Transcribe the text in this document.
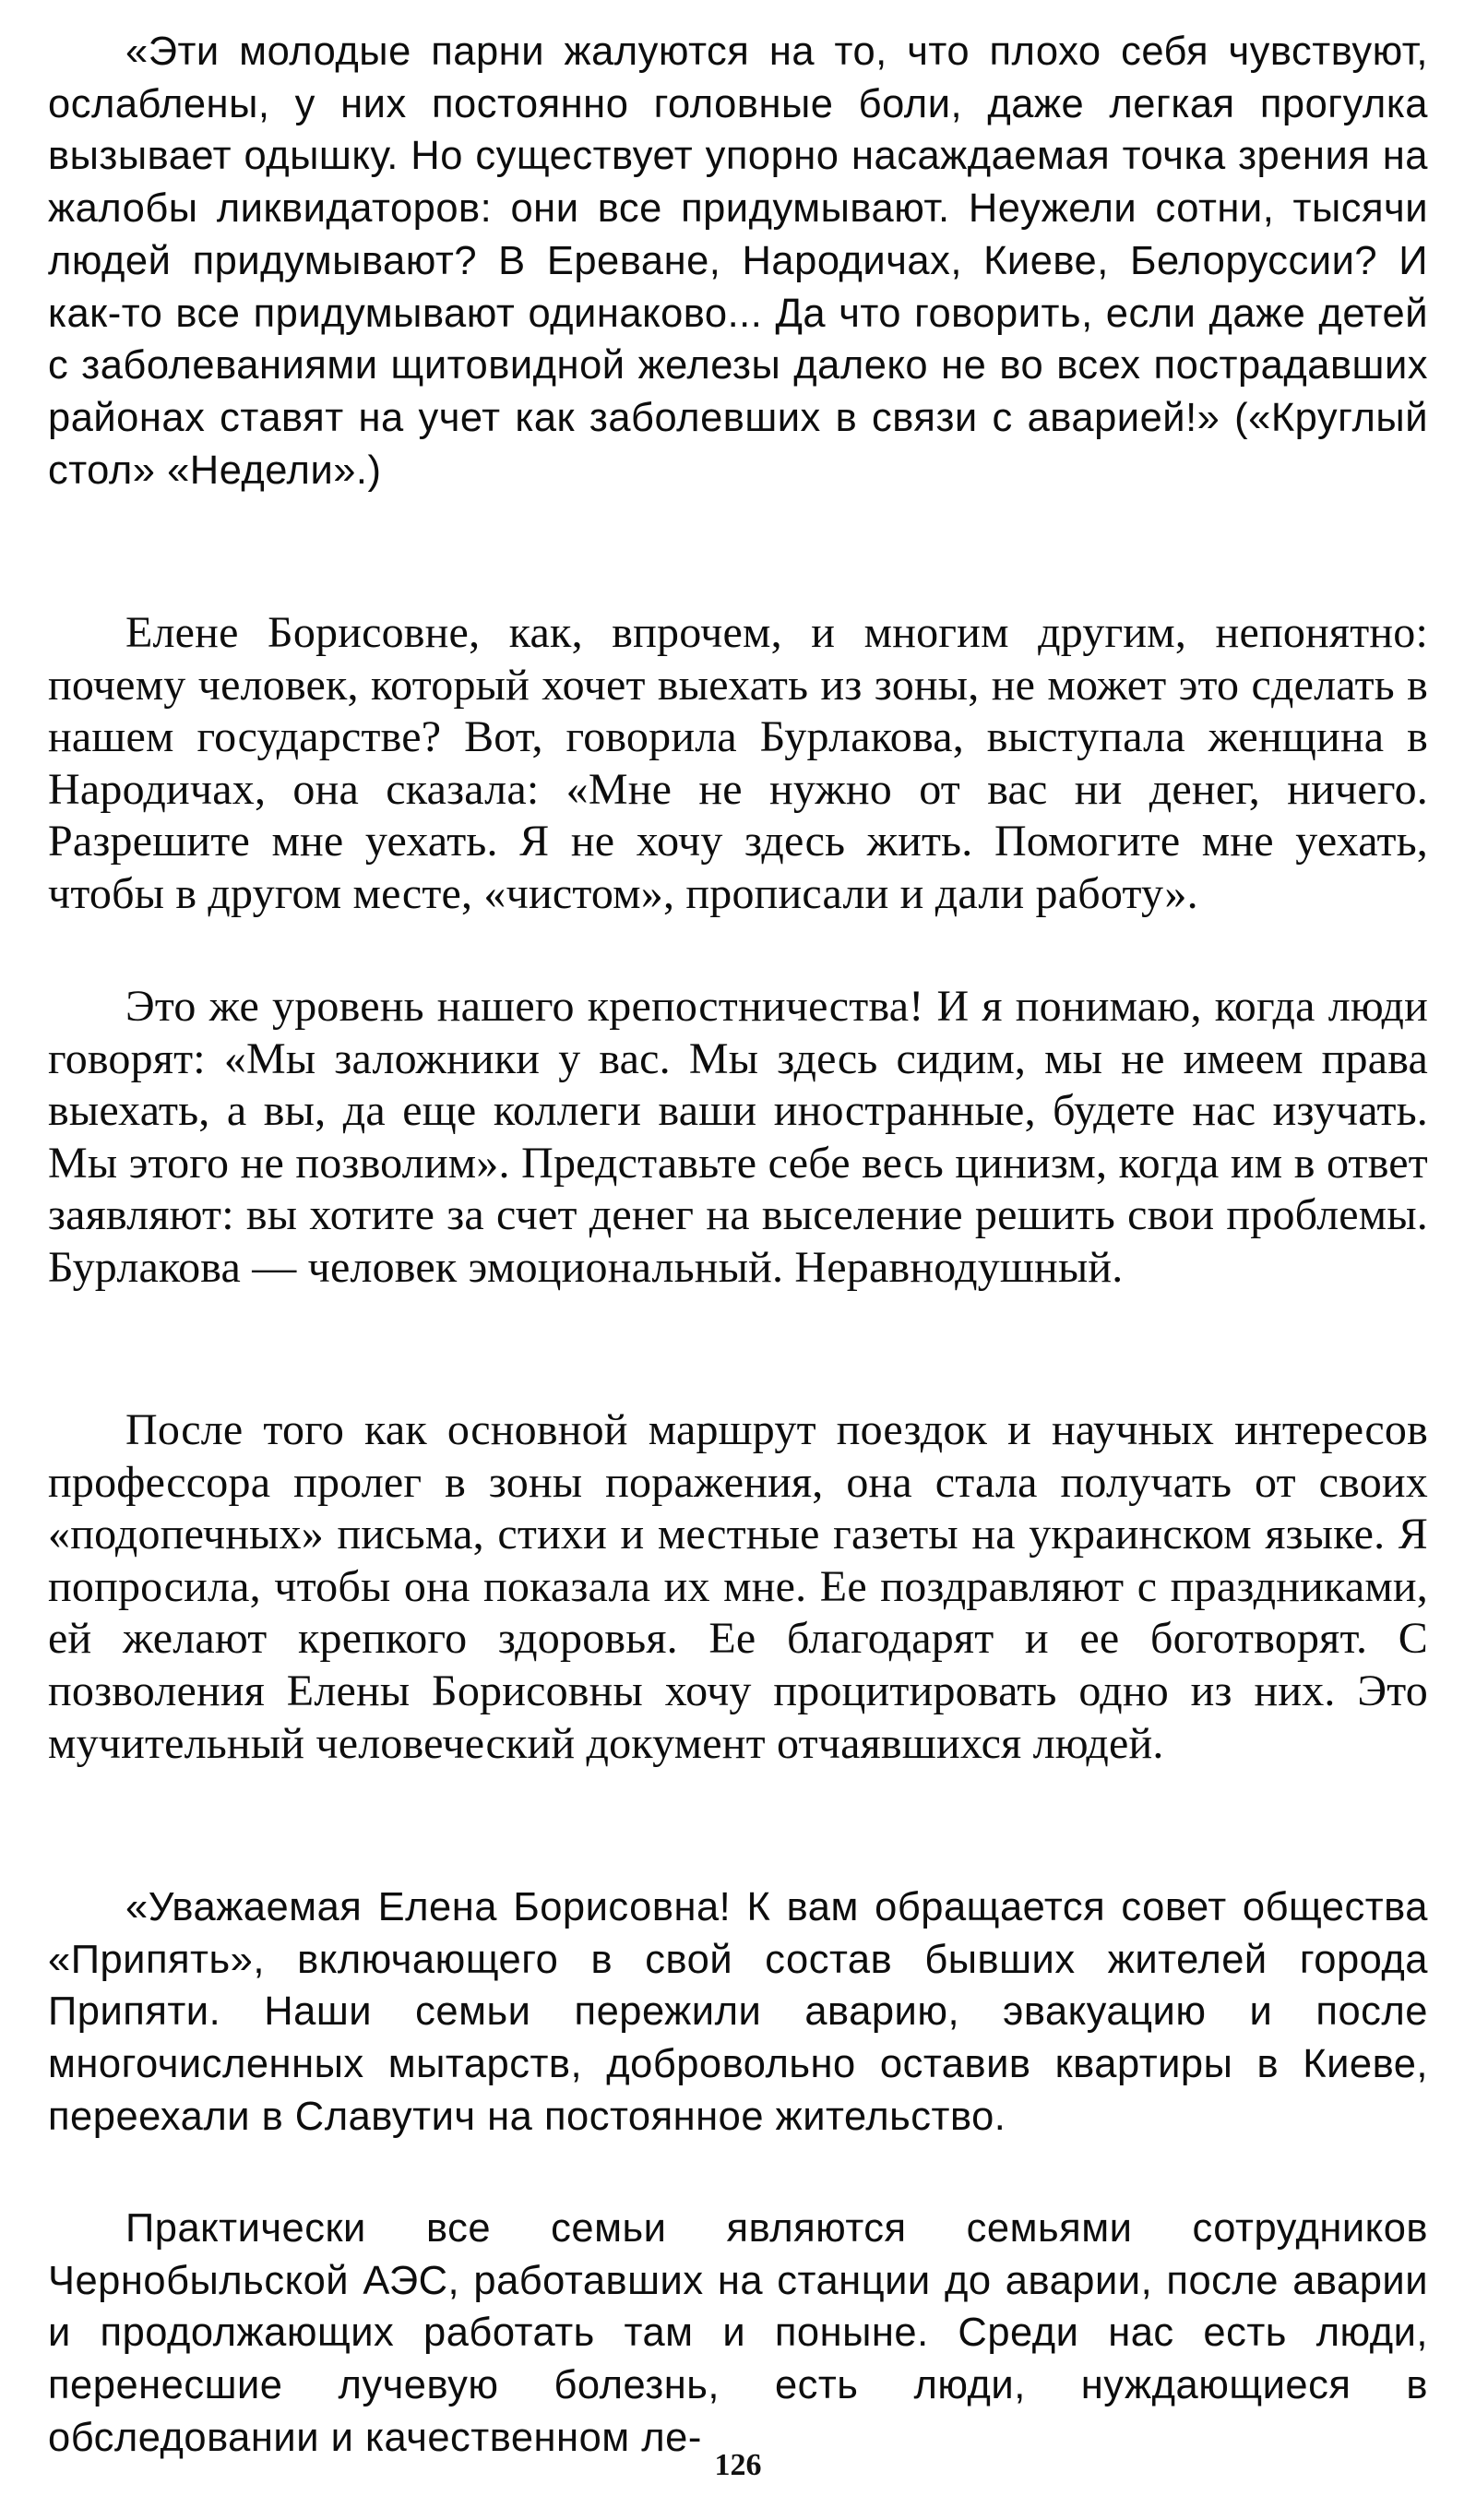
«Эти молодые парни жалуются на то, что плохо себя чувствуют, ослаблены, у них постоянно головные боли, даже легкая прогулка вызывает одышку. Но существует упорно насаждаемая точка зрения на жалобы ликвидаторов: они все придумывают. Неужели сотни, тысячи людей придумывают? В Ереване, Народичах, Киеве, Белоруссии? И как-то все придумывают одинаково... Да что говорить, если даже детей с заболеваниями щитовидной железы далеко не во всех пострадавших районах ставят на учет как заболевших в связи с аварией!» («Круглый стол» «Недели».)

Елене Борисовне, как, впрочем, и многим другим, непонятно: почему человек, который хочет выехать из зоны, не может это сделать в нашем государстве? Вот, говорила Бурлакова, выступала женщина в Народичах, она сказала: «Мне не нужно от вас ни денег, ничего. Разрешите мне уехать. Я не хочу здесь жить. Помогите мне уехать, чтобы в другом месте, «чистом», прописали и дали работу».

Это же уровень нашего крепостничества! И я понимаю, когда люди говорят: «Мы заложники у вас. Мы здесь сидим, мы не имеем права выехать, а вы, да еще коллеги ваши иностранные, будете нас изучать. Мы этого не позволим». Представьте себе весь цинизм, когда им в ответ заявляют: вы хотите за счет денег на выселение решить свои проблемы. Бурлакова — человек эмоциональный. Неравнодушный.

После того как основной маршрут поездок и научных интересов профессора пролег в зоны поражения, она стала получать от своих «подопечных» письма, стихи и местные газеты на украинском языке. Я попросила, чтобы она показала их мне. Ее поздравляют с праздниками, ей желают крепкого здоровья. Ее благодарят и ее боготворят. С позволения Елены Борисовны хочу процитировать одно из них. Это мучительный человеческий документ отчаявшихся людей.

«Уважаемая Елена Борисовна! К вам обращается совет общества «Припять», включающего в свой состав бывших жителей города Припяти. Наши семьи пережили аварию, эвакуацию и после многочисленных мытарств, добровольно оставив квартиры в Киеве, переехали в Славутич на постоянное жительство.

Практически все семьи являются семьями сотрудников Чернобыльской АЭС, работавших на станции до аварии, после аварии и продолжающих работать там и поныне. Среди нас есть люди, перенесшие лучевую болезнь, есть люди, нуждающиеся в обследовании и качественном ле-

126
